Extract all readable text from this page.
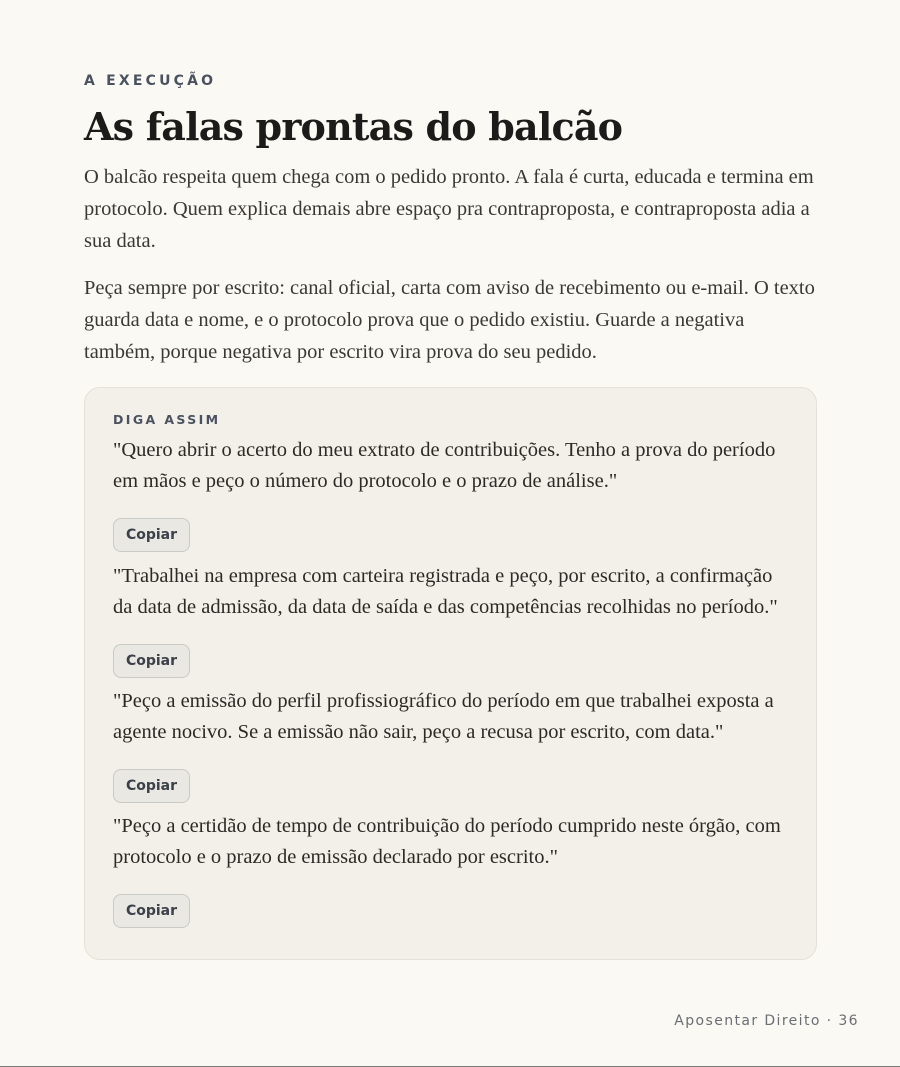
A EXECUÇÃO
As falas prontas do balcão

O balcão respeita quem chega com o pedido pronto. A fala é curta, educada e termina em protocolo. Quem explica demais abre espaço pra contraproposta, e contraproposta adia a sua data.

Peça sempre por escrito: canal oficial, carta com aviso de recebimento ou e-mail. O texto guarda data e nome, e o protocolo prova que o pedido existiu. Guarde a negativa também, porque negativa por escrito vira prova do seu pedido.

DIGA ASSIM

"Quero abrir o acerto do meu extrato de contribuições. Tenho a prova do período em mãos e peço o número do protocolo e o prazo de análise."

Copiar

"Trabalhei na empresa com carteira registrada e peço, por escrito, a confirmação da data de admissão, da data de saída e das competências recolhidas no período."

Copiar

"Peço a emissão do perfil profissiográfico do período em que trabalhei exposta a agente nocivo. Se a emissão não sair, peço a recusa por escrito, com data."

Copiar

"Peço a certidão de tempo de contribuição do período cumprido neste órgão, com protocolo e o prazo de emissão declarado por escrito."

Copiar
Aposentar Direito · 36
